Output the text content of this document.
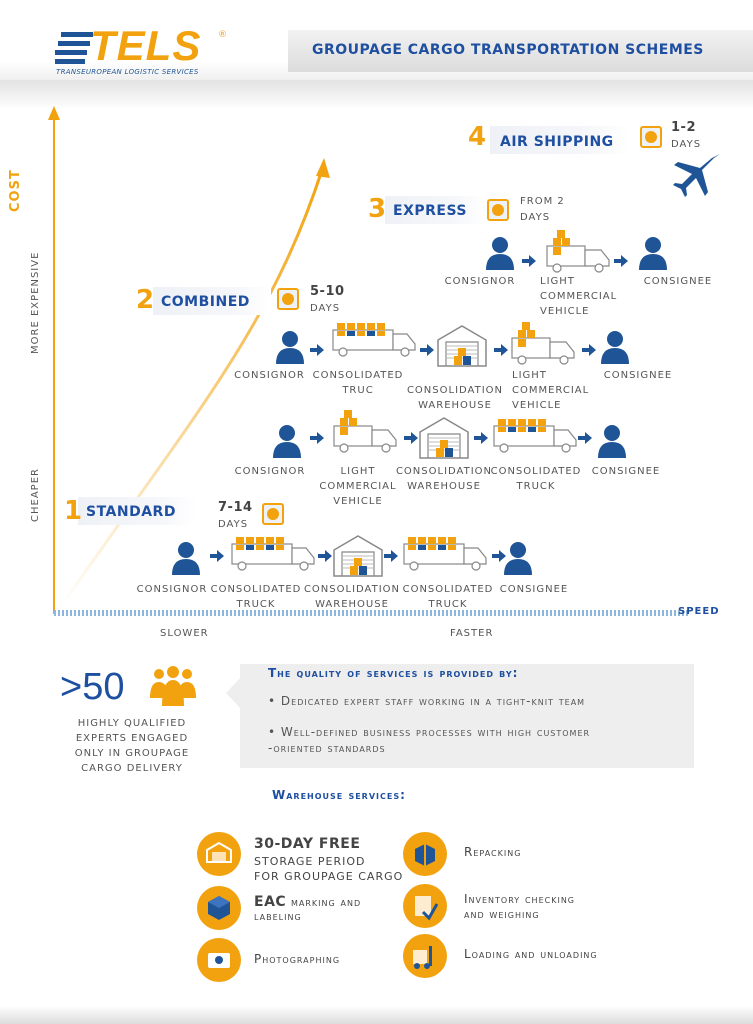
TELS ®
TRANSEUROPEAN LOGISTIC SERVICES
GROUPAGE CARGO TRANSPORTATION SCHEMES
COST
MORE EXPENSIVE
CHEAPER
SPEED
SLOWER	FASTER
4 AIR SHIPPING
1-2
DAYS
3 EXPRESS
FROM 2
DAYS
2 COMBINED
5-10
DAYS
1 STANDARD	7-14
DAYS
CONSIGNOR	LIGHT
COMMERCIAL
VEHICLE
CONSIGNEE
CONSIGNOR CONSOLIDATED
TRUC	CONSOLIDATION
WAREHOUSE
LIGHT
COMMERCIAL
VEHICLE
CONSIGNEE
CONSIGNOR	LIGHT
COMMERCIAL
VEHICLE
CONSOLIDATION
WAREHOUSE
CONSOLIDATED
TRUCK
CONSIGNEE
CONSIGNOR CONSOLIDATED
TRUCK
CONSOLIDATION
WAREHOUSE
CONSOLIDATED
TRUCK
CONSIGNEE
>50
HIGHLY QUALIFIED
EXPERTS ENGAGED
ONLY IN GROUPAGE
CARGO DELIVERY
The quality of services is provided by:
• Dedicated expert staff working in a tight-knit team
• Well-defined business processes with high customer
-oriented standards
Warehouse services:
30-DAY FREE
STORAGE PERIOD
FOR GROUPAGE CARGO
EAC marking and
labeling
Photographing
Repacking
Inventory checking
and weighing
Loading and unloading
